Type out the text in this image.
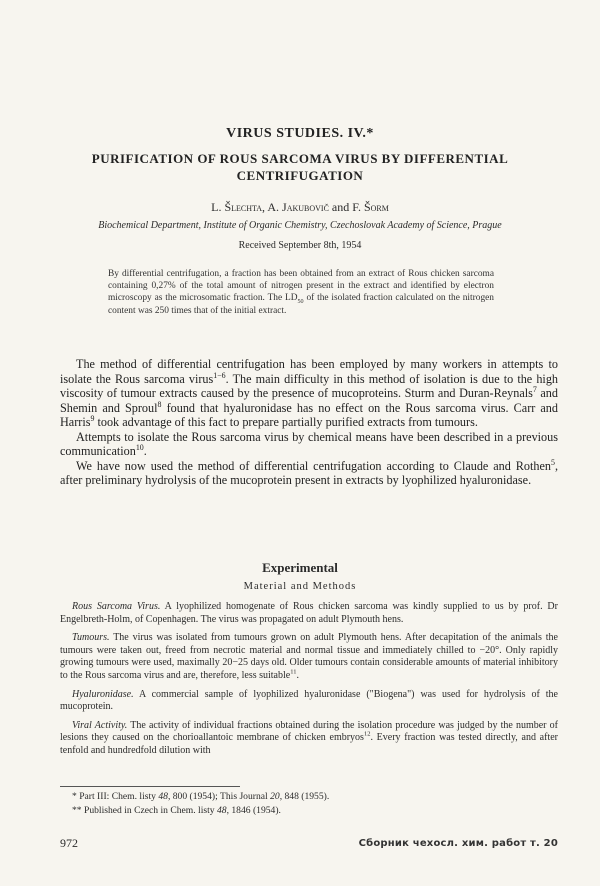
VIRUS STUDIES. IV.*
PURIFICATION OF ROUS SARCOMA VIRUS BY DIFFERENTIAL
CENTRIFUGATION
L. Šlechta, A. Jakubovič and F. Šorm
Biochemical Department, Institute of Organic Chemistry, Czechoslovak Academy of Science, Prague
Received September 8th, 1954
By differential centrifugation, a fraction has been obtained from an extract of Rous chicken sarcoma containing 0,27% of the total amount of nitrogen present in the extract and identified by electron microscopy as the microsomatic fraction. The $LD_{50}$ of the isolated fraction calculated on the nitrogen content was 250 times that of the initial extract.

The method of differential centrifugation has been employed by many workers in attempts to isolate the Rous sarcoma virus$^{1-6}$. The main difficulty in this method of isolation is due to the high viscosity of tumour extracts caused by the presence of mucoproteins. Sturm and Duran-Reynals$^7$ and Shemin and Sproul$^8$ found that hyaluronidase has no effect on the Rous sarcoma virus. Carr and Harris$^9$ took advantage of this fact to prepare partially purified extracts from tumours.

Attempts to isolate the Rous sarcoma virus by chemical means have been described in a previous communication$^{10}$.

We have now used the method of differential centrifugation according to Claude and Rothen$^5$, after preliminary hydrolysis of the mucoprotein present in extracts by lyophilized hyaluronidase.

Experimental
Material and Methods

Rous Sarcoma Virus. A lyophilized homogenate of Rous chicken sarcoma was kindly supplied to us by prof. Dr Engelbreth-Holm, of Copenhagen. The virus was propagated on adult Plymouth hens.

Tumours. The virus was isolated from tumours grown on adult Plymouth hens. After decapitation of the animals the tumours were taken out, freed from necrotic material and normal tissue and immediately chilled to −20°. Only rapidly growing tumours were used, maximally 20−25 days old. Older tumours contain considerable amounts of material inhibitory to the Rous sarcoma virus and are, therefore, less suitable$^{11}$.

Hyaluronidase. A commercial sample of lyophilized hyaluronidase ("Biogena") was used for hydrolysis of the mucoprotein.

Viral Activity. The activity of individual fractions obtained during the isolation procedure was judged by the number of lesions they caused on the chorioallantoic membrane of chicken embryos$^{12}$. Every fraction was tested directly, and after tenfold and hundredfold dilution with

* Part III: Chem. listy 48, 800 (1954); This Journal 20, 848 (1955).
** Published in Czech in Chem. listy 48, 1846 (1954).
972	Сборник чехосл. хим. работ т. 20
